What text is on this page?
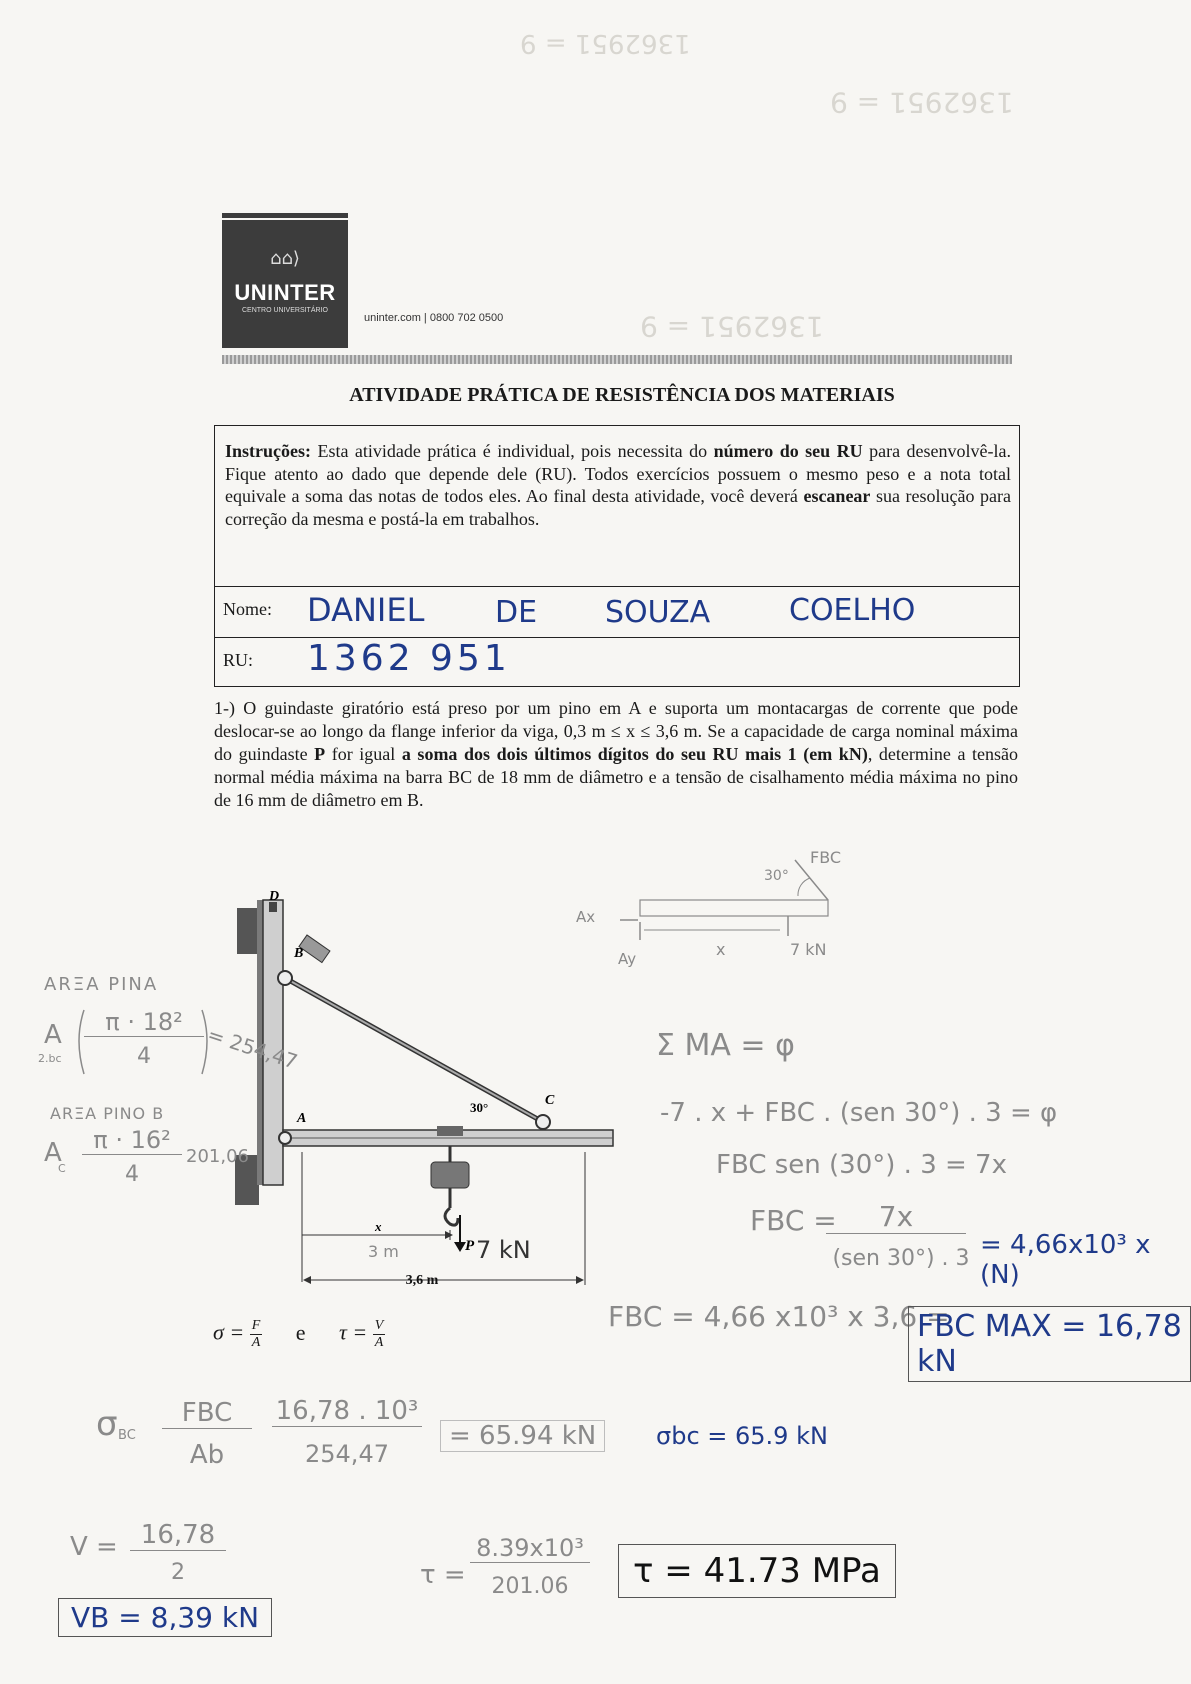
1362951 = 9
1362951 = 9
1362951 = 9
⌂⌂⟩
UNINTER
CENTRO UNIVERSITÁRIO
uninter.com | 0800 702 0500
ATIVIDADE PRÁTICA DE RESISTÊNCIA DOS MATERIAIS
Instruções: Esta atividade prática é individual, pois necessita do número do seu RU para desenvolvê-la. Fique atento ao dado que depende dele (RU). Todos exercícios possuem o mesmo peso e a nota total equivale a soma das notas de todos eles. Ao final desta atividade, você deverá escanear sua resolução para correção da mesma e postá-la em trabalhos.
Nome: DANIEL DE SOUZA	COELHO
RU: 1362 951
1-) O guindaste giratório está preso por um pino em A e suporta um montacargas de corrente que pode deslocar-se ao longo da flange inferior da viga, 0,3 m ≤ x ≤ 3,6 m. Se a capacidade de carga nominal máxima do guindaste P for igual a soma dos dois últimos dígitos do seu RU mais 1 (em kN), determine a tensão normal média máxima na barra BC de 18 mm de diâmetro e a tensão de cisalhamento média máxima no pino de 16 mm de diâmetro em B.
D
B
A
C
30°
x
3,6 m
P
3 m	7 kN
FBC
30°
Ax
Ay	x	7 kN
ARΞA PINA
A
2.bc
π · 18²
4	= 254,47
ARΞA PINO B
A
C
π · 16²
4
201,06
Σ MA = φ
-7 . x + FBC . (sen 30°) . 3 = φ
FBC sen (30°) . 3 = 7x
FBC =	7x
(sen 30°) . 3 = 4,66x10³ x (N)
FBC = 4,66 x10³ x 3,6 =
FBC MAX = 16,78 kN
$\sigma = \frac{F}{A}$ e $\tau = \frac{V}{A}$
σ BC
FBC
Ab
16,78 . 10³
254,47
= 65.94 kN	σbc = 65.9 kN
V = 16,78
2
VB = 8,39 kN
τ =
8.39x10³
201.06	τ = 41.73 MPa
